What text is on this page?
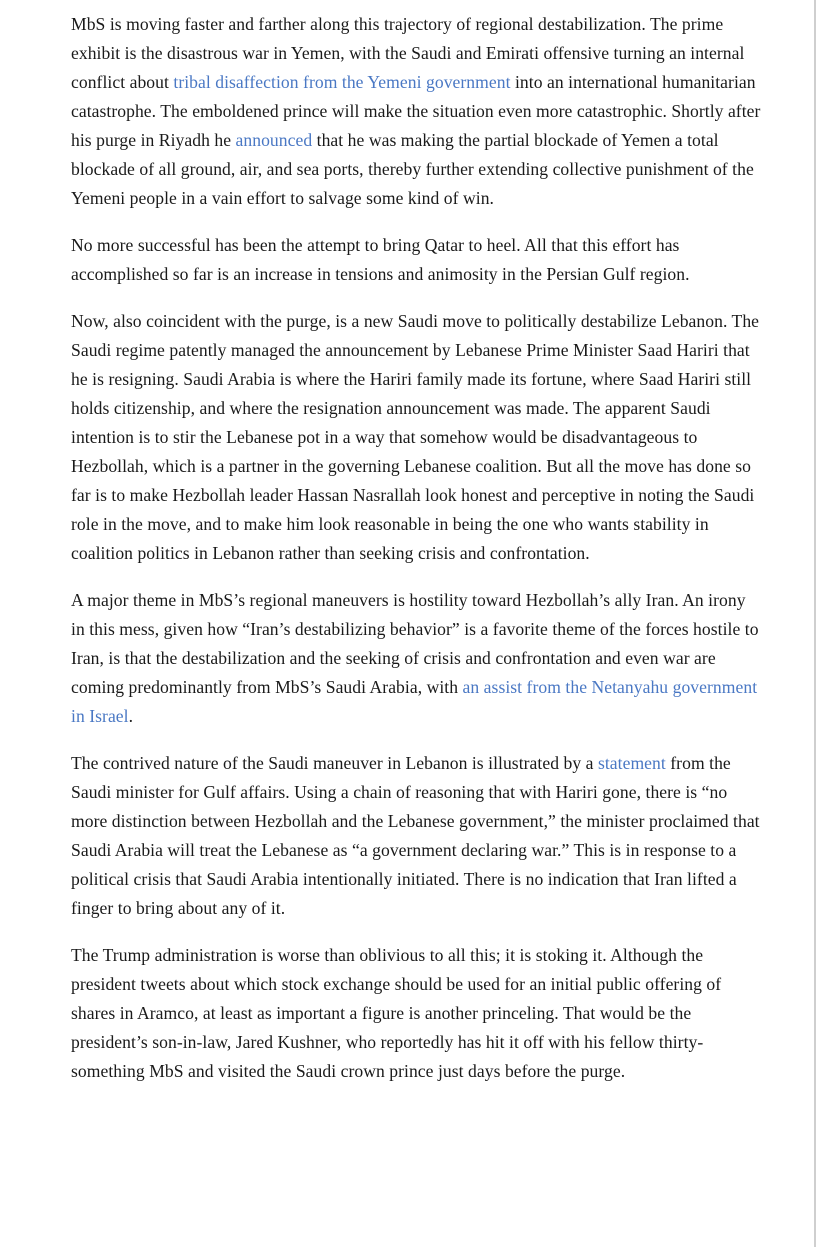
MbS is moving faster and farther along this trajectory of regional destabilization. The prime exhibit is the disastrous war in Yemen, with the Saudi and Emirati offensive turning an internal conflict about tribal disaffection from the Yemeni government into an international humanitarian catastrophe. The emboldened prince will make the situation even more catastrophic. Shortly after his purge in Riyadh he announced that he was making the partial blockade of Yemen a total blockade of all ground, air, and sea ports, thereby further extending collective punishment of the Yemeni people in a vain effort to salvage some kind of win.

No more successful has been the attempt to bring Qatar to heel. All that this effort has accomplished so far is an increase in tensions and animosity in the Persian Gulf region.

Now, also coincident with the purge, is a new Saudi move to politically destabilize Lebanon. The Saudi regime patently managed the announcement by Lebanese Prime Minister Saad Hariri that he is resigning. Saudi Arabia is where the Hariri family made its fortune, where Saad Hariri still holds citizenship, and where the resignation announcement was made. The apparent Saudi intention is to stir the Lebanese pot in a way that somehow would be disadvantageous to Hezbollah, which is a partner in the governing Lebanese coalition. But all the move has done so far is to make Hezbollah leader Hassan Nasrallah look honest and perceptive in noting the Saudi role in the move, and to make him look reasonable in being the one who wants stability in coalition politics in Lebanon rather than seeking crisis and confrontation.

A major theme in MbS’s regional maneuvers is hostility toward Hezbollah’s ally Iran. An irony in this mess, given how “Iran’s destabilizing behavior” is a favorite theme of the forces hostile to Iran, is that the destabilization and the seeking of crisis and confrontation and even war are coming predominantly from MbS’s Saudi Arabia, with an assist from the Netanyahu government in Israel.

The contrived nature of the Saudi maneuver in Lebanon is illustrated by a statement from the Saudi minister for Gulf affairs. Using a chain of reasoning that with Hariri gone, there is “no more distinction between Hezbollah and the Lebanese government,” the minister proclaimed that Saudi Arabia will treat the Lebanese as “a government declaring war.” This is in response to a political crisis that Saudi Arabia intentionally initiated. There is no indication that Iran lifted a finger to bring about any of it.

The Trump administration is worse than oblivious to all this; it is stoking it. Although the president tweets about which stock exchange should be used for an initial public offering of shares in Aramco, at least as important a figure is another princeling. That would be the president’s son-in-law, Jared Kushner, who reportedly has hit it off with his fellow thirty-something MbS and visited the Saudi crown prince just days before the purge.
